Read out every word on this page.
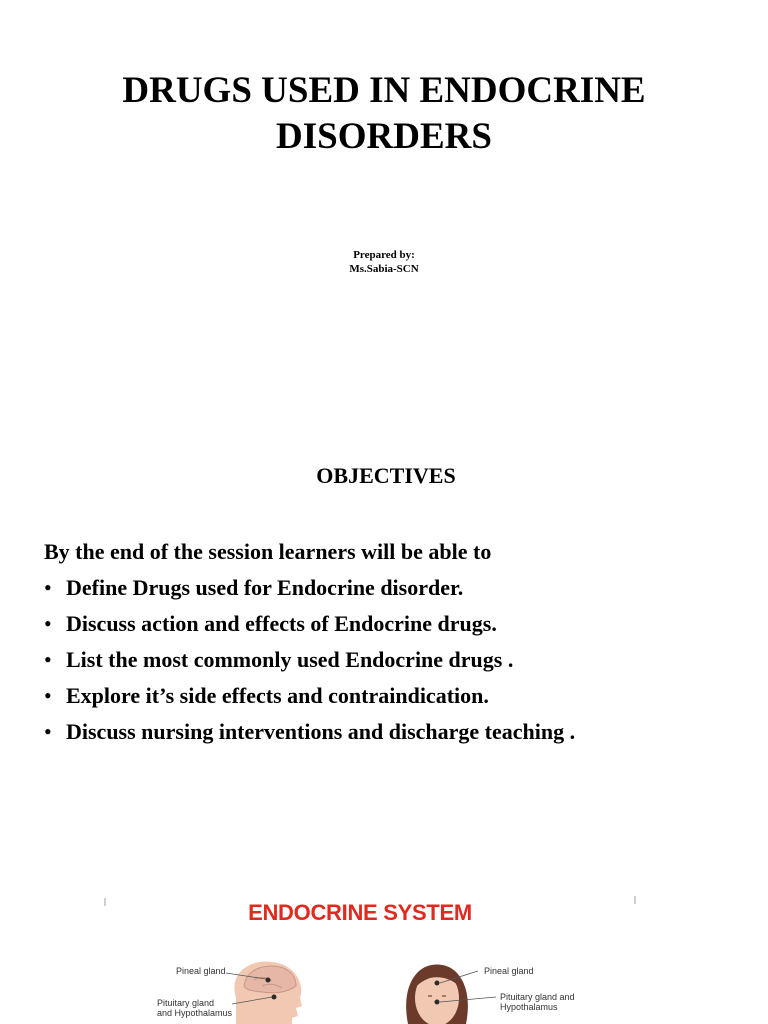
DRUGS USED IN ENDOCRINE
DISORDERS
Prepared by:
Ms.Sabia-SCN
OBJECTIVES
By the end of the session learners will be able to
• Define Drugs used for Endocrine disorder.
• Discuss action and effects of Endocrine drugs.
• List the most commonly used Endocrine drugs .
• Explore it’s side effects and contraindication.
• Discuss nursing interventions and discharge teaching .
ENDOCRINE SYSTEM
Pineal gland
Pituitary gland
and Hypothalamus
Pineal gland
Pituitary gland and
Hypothalamus
